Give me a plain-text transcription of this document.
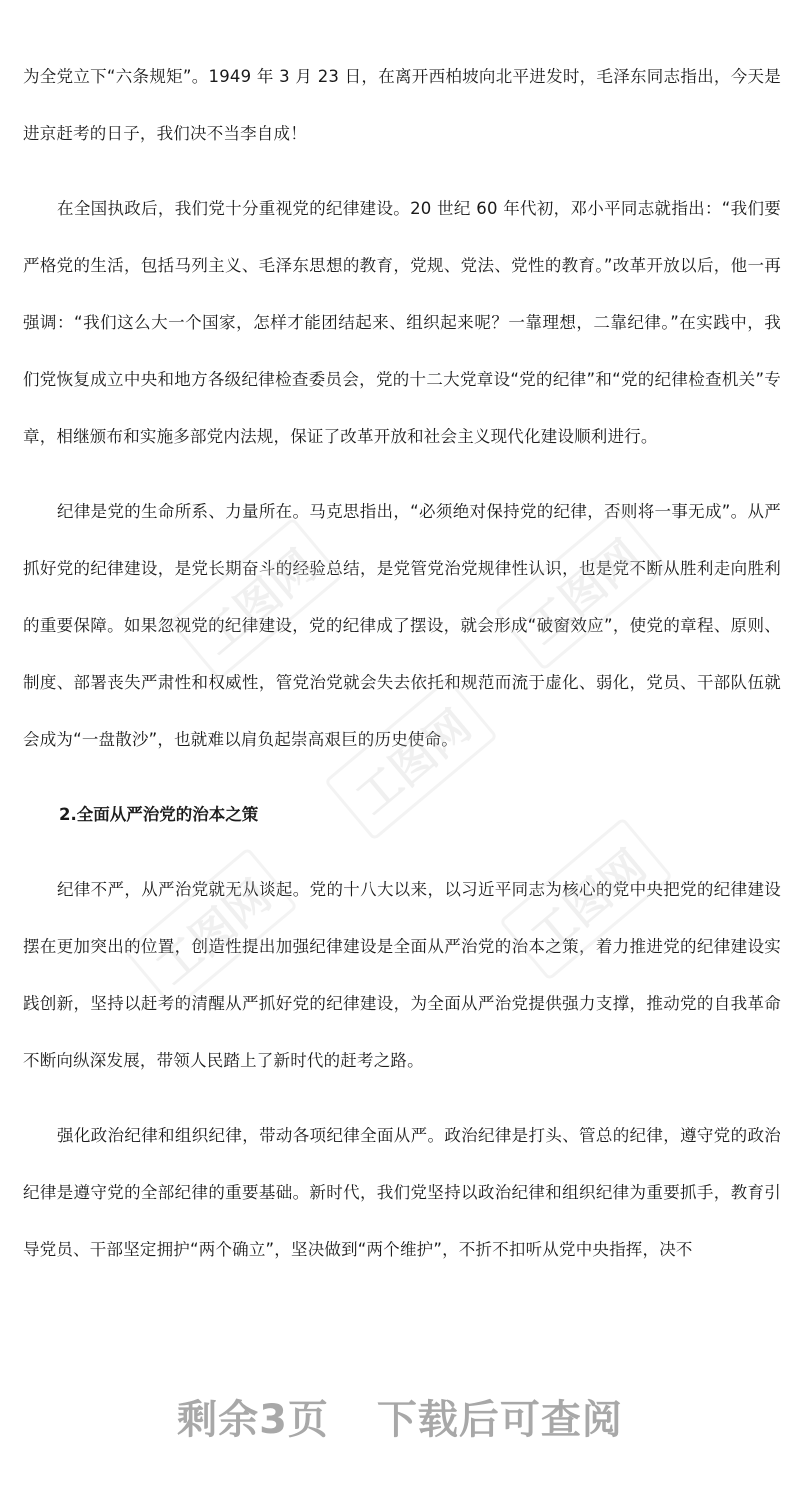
为全党立下“六条规矩”。1949 年 3 月 23 日，在离开西柏坡向北平进发时，毛泽东同志指出，今天是进京赶考的日子，我们决不当李自成！

在全国执政后，我们党十分重视党的纪律建设。20 世纪 60 年代初，邓小平同志就指出：“我们要严格党的生活，包括马列主义、毛泽东思想的教育，党规、党法、党性的教育。”改革开放以后，他一再强调：“我们这么大一个国家，怎样才能团结起来、组织起来呢？一靠理想，二靠纪律。”在实践中，我们党恢复成立中央和地方各级纪律检查委员会，党的十二大党章设“党的纪律”和“党的纪律检查机关”专章，相继颁布和实施多部党内法规，保证了改革开放和社会主义现代化建设顺利进行。

纪律是党的生命所系、力量所在。马克思指出，“必须绝对保持党的纪律，否则将一事无成”。从严抓好党的纪律建设，是党长期奋斗的经验总结，是党管党治党规律性认识，也是党不断从胜利走向胜利的重要保障。如果忽视党的纪律建设，党的纪律成了摆设，就会形成“破窗效应”，使党的章程、原则、制度、部署丧失严肃性和权威性，管党治党就会失去依托和规范而流于虚化、弱化，党员、干部队伍就会成为“一盘散沙”，也就难以肩负起崇高艰巨的历史使命。

2.全面从严治党的治本之策

纪律不严，从严治党就无从谈起。党的十八大以来，以习近平同志为核心的党中央把党的纪律建设摆在更加突出的位置，创造性提出加强纪律建设是全面从严治党的治本之策，着力推进党的纪律建设实践创新，坚持以赶考的清醒从严抓好党的纪律建设，为全面从严治党提供强力支撑，推动党的自我革命不断向纵深发展，带领人民踏上了新时代的赶考之路。

强化政治纪律和组织纪律，带动各项纪律全面从严。政治纪律是打头、管总的纪律，遵守党的政治纪律是遵守党的全部纪律的重要基础。新时代，我们党坚持以政治纪律和组织纪律为重要抓手，教育引导党员、干部坚定拥护“两个确立”，坚决做到“两个维护”，不折不扣听从党中央指挥，决不

工图网
工图网
工图网
工图网
工图网
剩余3页 下载后可查阅
